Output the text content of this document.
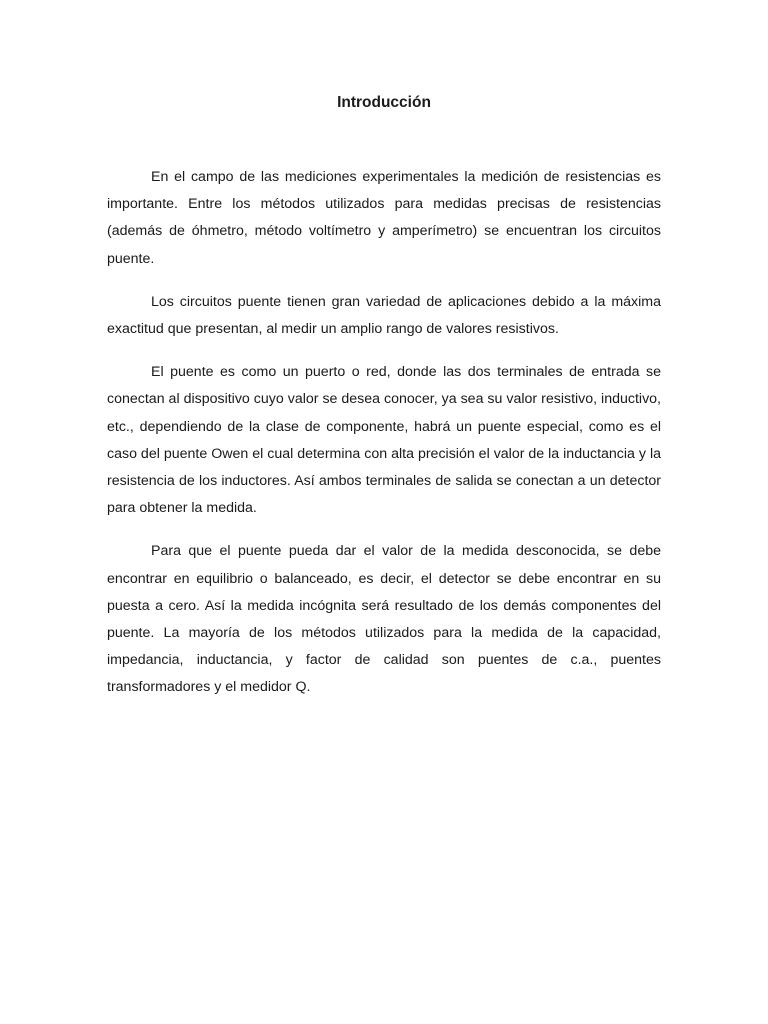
Introducción

En el campo de las mediciones experimentales la medición de resistencias es importante. Entre los métodos utilizados para medidas precisas de resistencias (además de óhmetro, método voltímetro y amperímetro) se encuentran los circuitos puente.

Los circuitos puente tienen gran variedad de aplicaciones debido a la máxima exactitud que presentan, al medir un amplio rango de valores resistivos.

El puente es como un puerto o red, donde las dos terminales de entrada se conectan al dispositivo cuyo valor se desea conocer, ya sea su valor resistivo, inductivo, etc., dependiendo de la clase de componente, habrá un puente especial, como es el caso del puente Owen el cual determina con alta precisión el valor de la inductancia y la resistencia de los inductores. Así ambos terminales de salida se conectan a un detector para obtener la medida.

Para que el puente pueda dar el valor de la medida desconocida, se debe encontrar en equilibrio o balanceado, es decir, el detector se debe encontrar en su puesta a cero. Así la medida incógnita será resultado de los demás componentes del puente. La mayoría de los métodos utilizados para la medida de la capacidad, impedancia, inductancia, y factor de calidad son puentes de c.a., puentes transformadores y el medidor Q.
